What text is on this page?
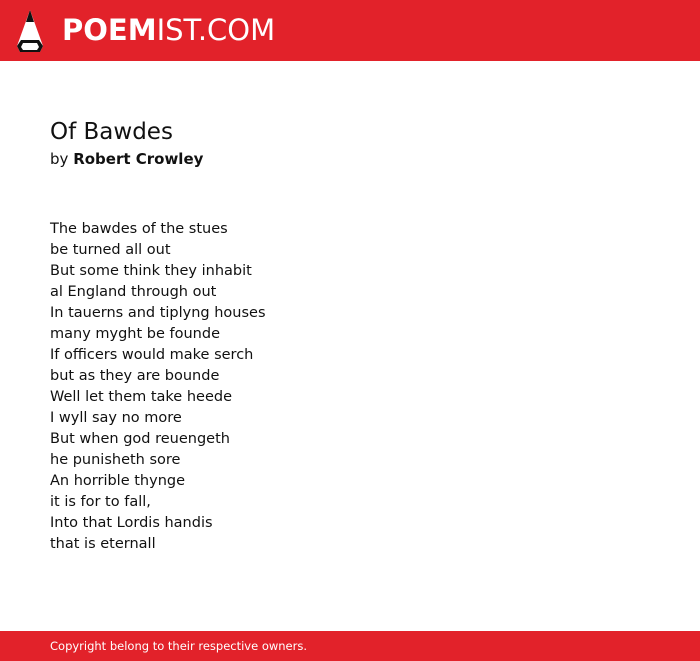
POEMIST.COM
Of Bawdes
by Robert Crowley
The bawdes of the stues
be turned all out
But some think they inhabit
al England through out
In tauerns and tiplyng houses
many myght be founde
If officers would make serch
but as they are bounde
Well let them take heede
I wyll say no more
But when god reuengeth
he punisheth sore
An horrible thynge
it is for to fall,
Into that Lordis handis
that is eternall
Copyright belong to their respective owners.
